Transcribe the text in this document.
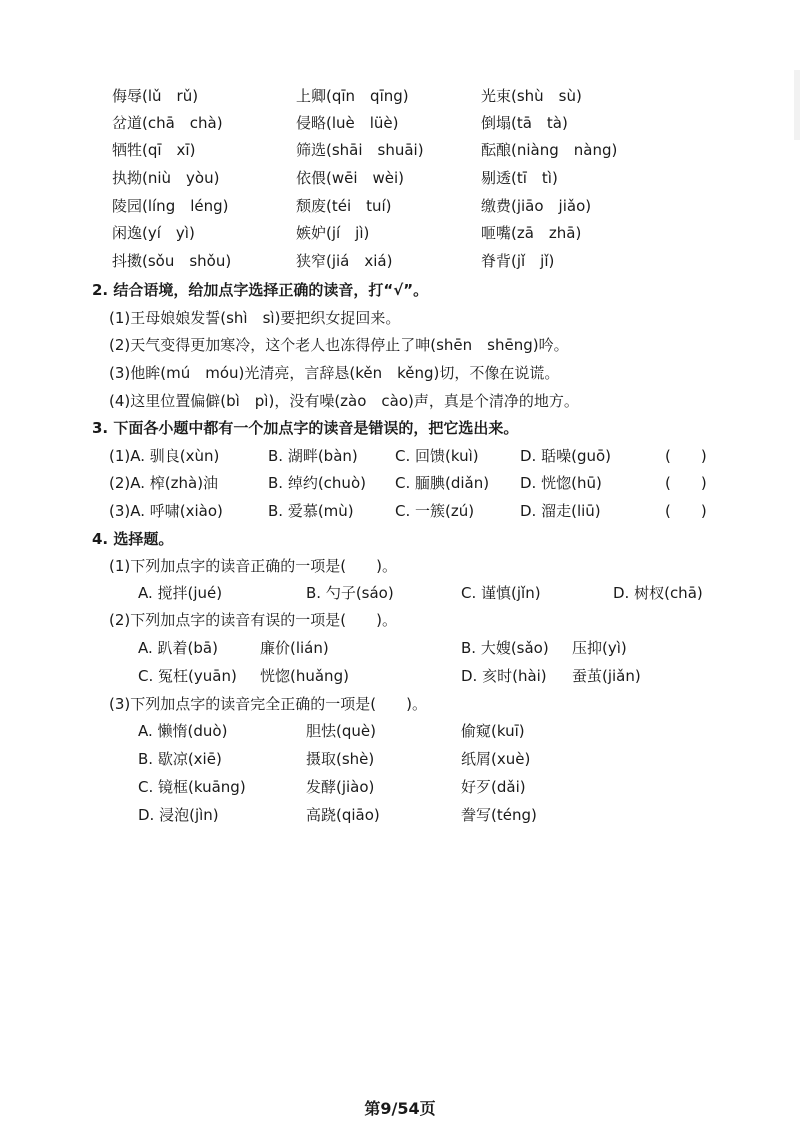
侮辱(lǔ　rǔ)	上卿(qīn　qīng)	光束(shù　sù)
岔道(chā　chà)	侵略(luè　lüè)	倒塌(tā　tà)
牺牲(qī　xī)	筛选(shāi　shuāi)	酝酿(niàng　nàng)
执拗(niù　yòu)	依偎(wēi　wèi)	剔透(tī　tì)
陵园(líng　léng)	颓废(téi　tuí)	缴费(jiāo　jiǎo)
闲逸(yí　yì)	嫉妒(jí　jì)	咂嘴(zā　zhā)
抖擞(sǒu　shǒu)	狭窄(jiá　xiá)	脊背(jǐ　jǐ)
2. 结合语境，给加点字选择正确的读音，打“√”。
(1)王母娘娘发誓(shì　sì)要把织女捉回来。
(2)天气变得更加寒冷，这个老人也冻得停止了呻(shēn　shēng)吟。
(3)他眸(mú　móu)光清亮，言辞恳(kěn　kěng)切，不像在说谎。
(4)这里位置偏僻(bì　pì)，没有噪(zào　cào)声，真是个清净的地方。
3. 下面各小题中都有一个加点字的读音是错误的，把它选出来。
(1)A. 驯良(xùn)	B. 湖畔(bàn) C. 回馈(kuì)	D. 聒噪(guō)	(　　)
(2)A. 榨(zhà)油	B. 绰约(chuò) C. 腼腆(diǎn) D. 恍惚(hū)	(　　)
(3)A. 呼啸(xiào)	B. 爱慕(mù)	C. 一簇(zú)	D. 溜走(liū)	(　　)
4. 选择题。
(1)下列加点字的读音正确的一项是(　　)。
A. 搅拌(jué)	B. 勺子(sáo)	C. 谨慎(jǐn)	D. 树杈(chā)
(2)下列加点字的读音有误的一项是(　　)。
A. 趴着(bā)	廉价(lián)	B. 大嫂(sǎo) 压抑(yì)
C. 冤枉(yuān) 恍惚(huǎng)	D. 亥时(hài) 蚕茧(jiǎn)
(3)下列加点字的读音完全正确的一项是(　　)。
A. 懒惰(duò)	胆怯(què)	偷窥(kuī)
B. 歇凉(xiē)	摄取(shè)	纸屑(xuè)
C. 镜框(kuāng)	发酵(jiào)	好歹(dǎi)
D. 浸泡(jìn)	高跷(qiāo)	誊写(téng)
第9/54页
